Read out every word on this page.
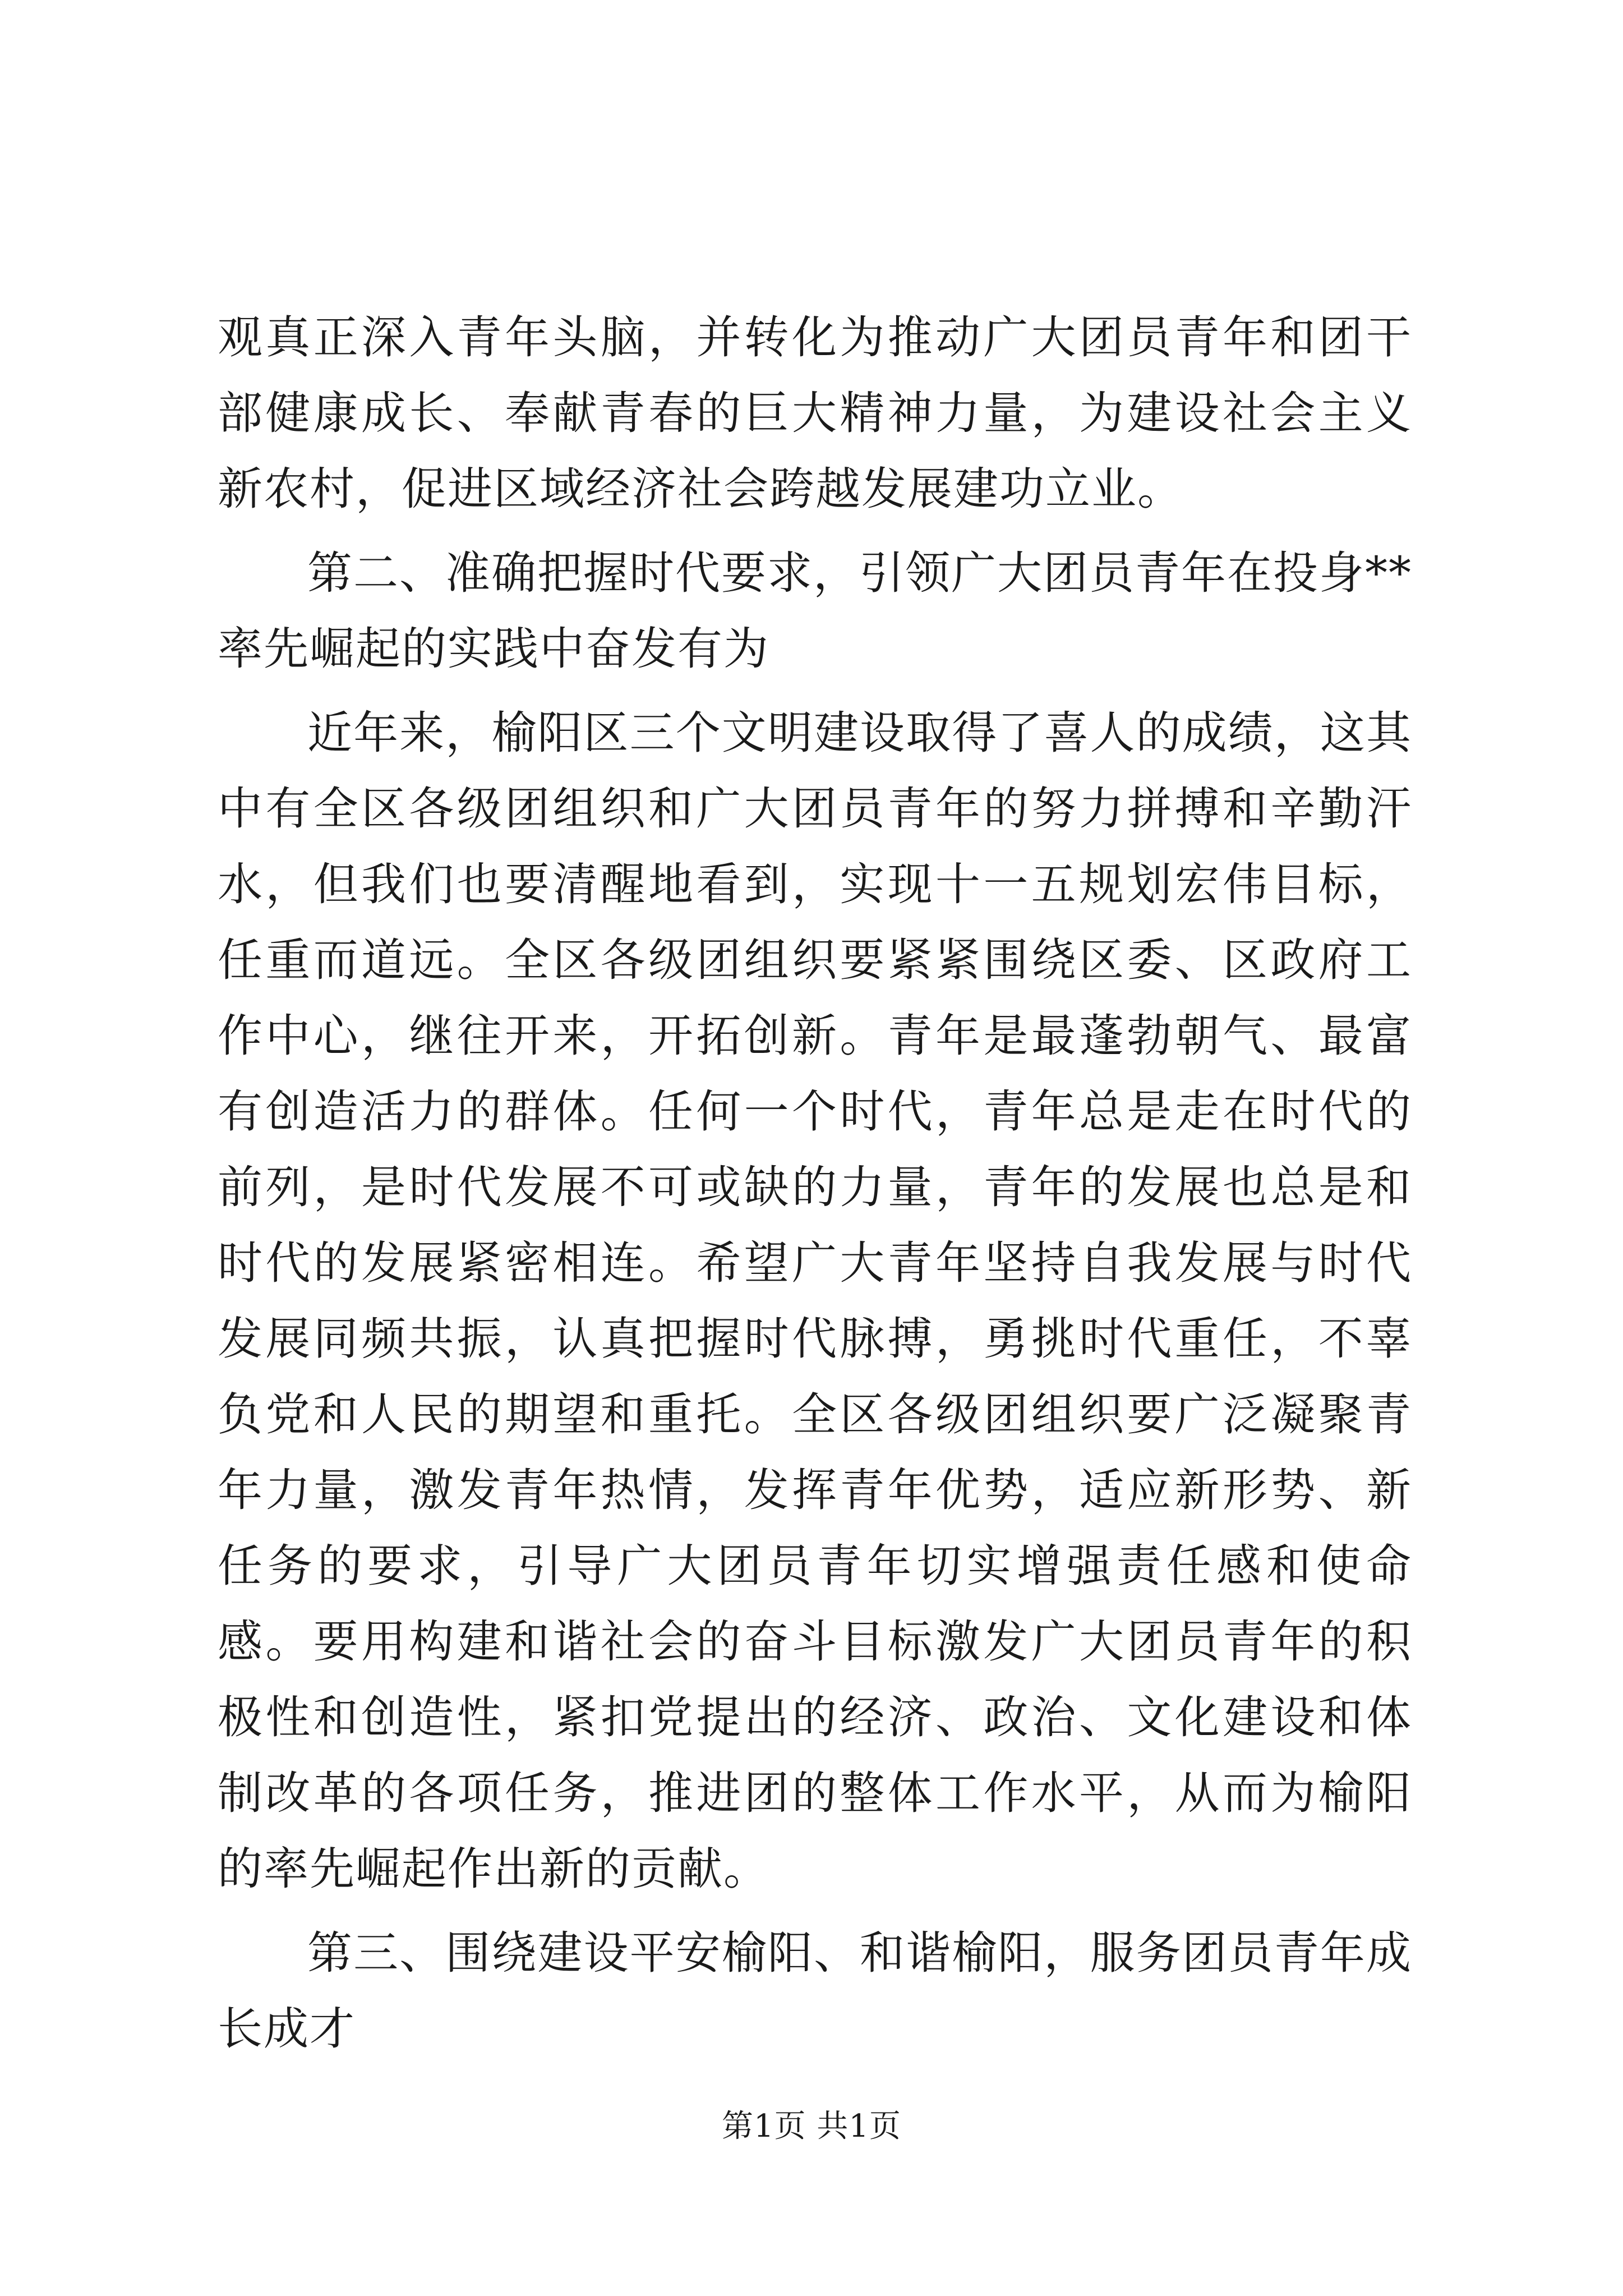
观真正深入青年头脑，并转化为推动广大团员青年和团干部健康成长、奉献青春的巨大精神力量，为建设社会主义新农村，促进区域经济社会跨越发展建功立业。

第二、准确把握时代要求，引领广大团员青年在投身**率先崛起的实践中奋发有为

近年来，榆阳区三个文明建设取得了喜人的成绩，这其中有全区各级团组织和广大团员青年的努力拼搏和辛勤汗水，但我们也要清醒地看到，实现十一五规划宏伟目标，任重而道远。全区各级团组织要紧紧围绕区委、区政府工作中心，继往开来，开拓创新。青年是最蓬勃朝气、最富有创造活力的群体。任何一个时代，青年总是走在时代的前列，是时代发展不可或缺的力量，青年的发展也总是和时代的发展紧密相连。希望广大青年坚持自我发展与时代发展同频共振，认真把握时代脉搏，勇挑时代重任，不辜负党和人民的期望和重托。全区各级团组织要广泛凝聚青年力量，激发青年热情，发挥青年优势，适应新形势、新任务的要求，引导广大团员青年切实增强责任感和使命感。要用构建和谐社会的奋斗目标激发广大团员青年的积极性和创造性，紧扣党提出的经济、政治、文化建设和体制改革的各项任务，推进团的整体工作水平，从而为榆阳的率先崛起作出新的贡献。

第三、围绕建设平安榆阳、和谐榆阳，服务团员青年成长成才

第1页 共1页
